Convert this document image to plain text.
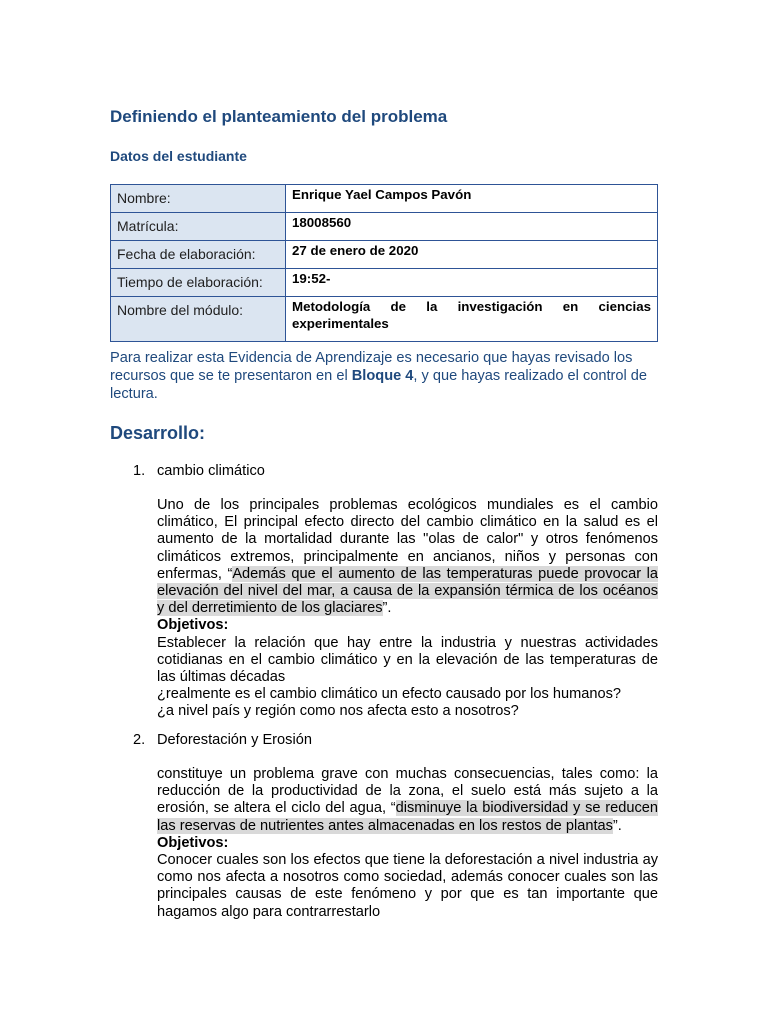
Definiendo el planteamiento del problema
Datos del estudiante
Nombre:	Enrique Yael Campos Pavón
Matrícula:	18008560
Fecha de elaboración:	27 de enero de 2020
Tiempo de elaboración:	19:52-
Nombre del módulo:	Metodología de la investigación en ciencias experimentales
Para realizar esta Evidencia de Aprendizaje es necesario que hayas revisado los recursos que se te presentaron en el Bloque 4, y que hayas realizado el control de lectura.
Desarrollo:
1. cambio climático
Uno de los principales problemas ecológicos mundiales es el cambio climático, El principal efecto directo del cambio climático en la salud es el aumento de la mortalidad durante las "olas de calor" y otros fenómenos climáticos extremos, principalmente en ancianos, niños y personas con enfermas, “Además que el aumento de las temperaturas puede provocar la elevación del nivel del mar, a causa de la expansión térmica de los océanos y del derretimiento de los glaciares”.
Objetivos:
Establecer la relación que hay entre la industria y nuestras actividades cotidianas en el cambio climático y en la elevación de las temperaturas de las últimas décadas
¿realmente es el cambio climático un efecto causado por los humanos?
¿a nivel país y región como nos afecta esto a nosotros?
2. Deforestación y Erosión
constituye un problema grave con muchas consecuencias, tales como: la reducción de la productividad de la zona, el suelo está más sujeto a la erosión, se altera el ciclo del agua, “disminuye la biodiversidad y se reducen las reservas de nutrientes antes almacenadas en los restos de plantas”.
Objetivos:
Conocer cuales son los efectos que tiene la deforestación a nivel industria ay como nos afecta a nosotros como sociedad, además conocer cuales son las principales causas de este fenómeno y por que es tan importante que hagamos algo para contrarrestarlo
